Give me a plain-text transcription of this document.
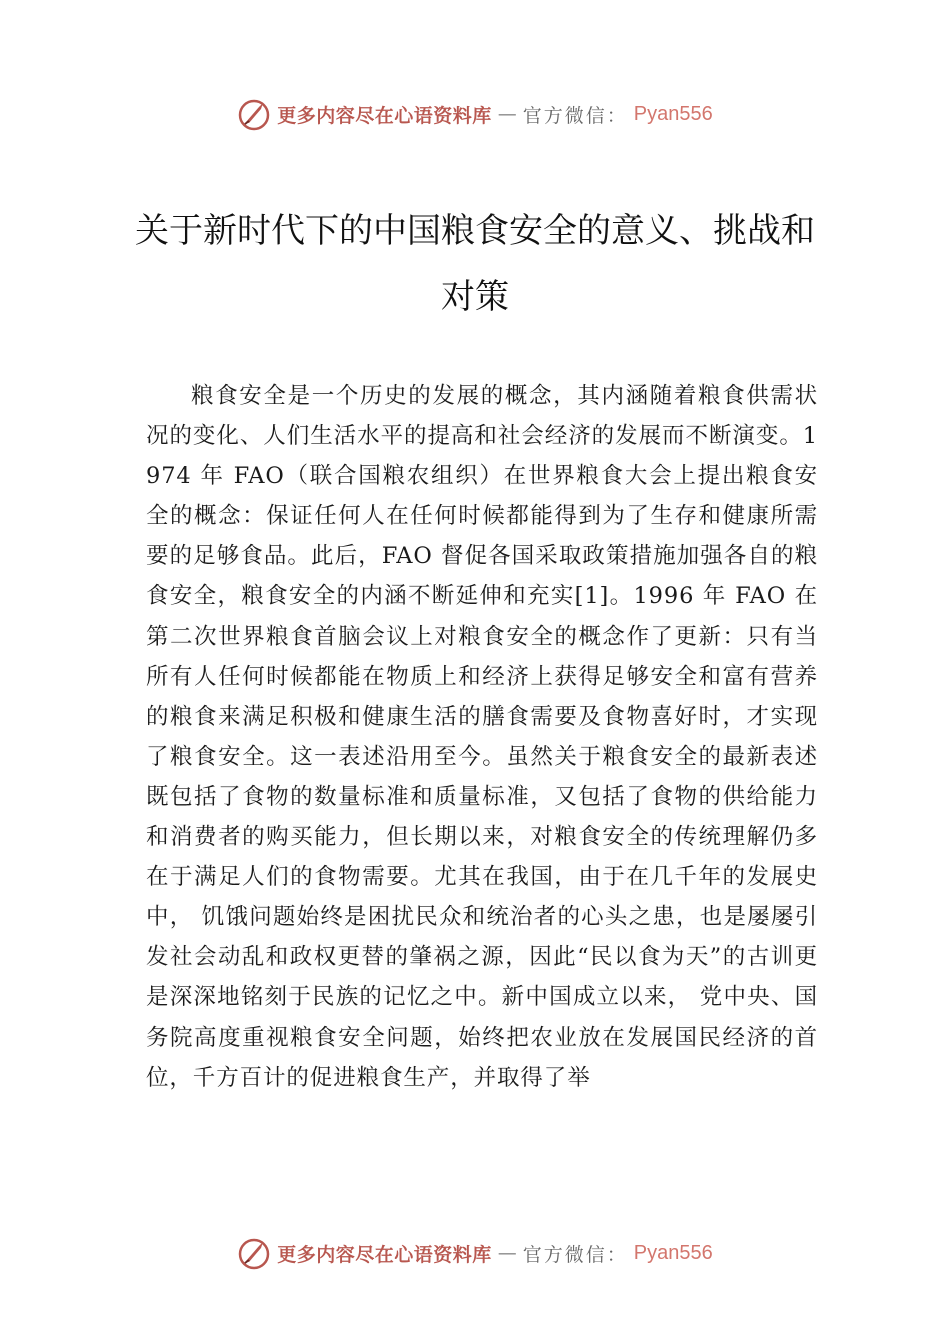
更多内容尽在心语资料库 — 官方微信： Pyan556
关于新时代下的中国粮食安全的意义、挑战和对策

粮食安全是一个历史的发展的概念，其内涵随着粮食供需状况的变化、人们生活水平的提高和社会经济的发展而不断演变。1974 年 FAO（联合国粮农组织）在世界粮食大会上提出粮食安全的概念：保证任何人在任何时候都能得到为了生存和健康所需要的足够食品。此后，FAO 督促各国采取政策措施加强各自的粮食安全，粮食安全的内涵不断延伸和充实[1]。1996 年 FAO 在第二次世界粮食首脑会议上对粮食安全的概念作了更新：只有当所有人任何时候都能在物质上和经济上获得足够安全和富有营养的粮食来满足积极和健康生活的膳食需要及食物喜好时，才实现了粮食安全。这一表述沿用至今。虽然关于粮食安全的最新表述既包括了食物的数量标准和质量标准，又包括了食物的供给能力和消费者的购买能力，但长期以来，对粮食安全的传统理解仍多在于满足人们的食物需要。尤其在我国，由于在几千年的发展史中， 饥饿问题始终是困扰民众和统治者的心头之患，也是屡屡引发社会动乱和政权更替的肇祸之源，因此“民以食为天”的古训更是深深地铭刻于民族的记忆之中。新中国成立以来， 党中央、国务院高度重视粮食安全问题，始终把农业放在发展国民经济的首位，千方百计的促进粮食生产，并取得了举

更多内容尽在心语资料库 — 官方微信： Pyan556
